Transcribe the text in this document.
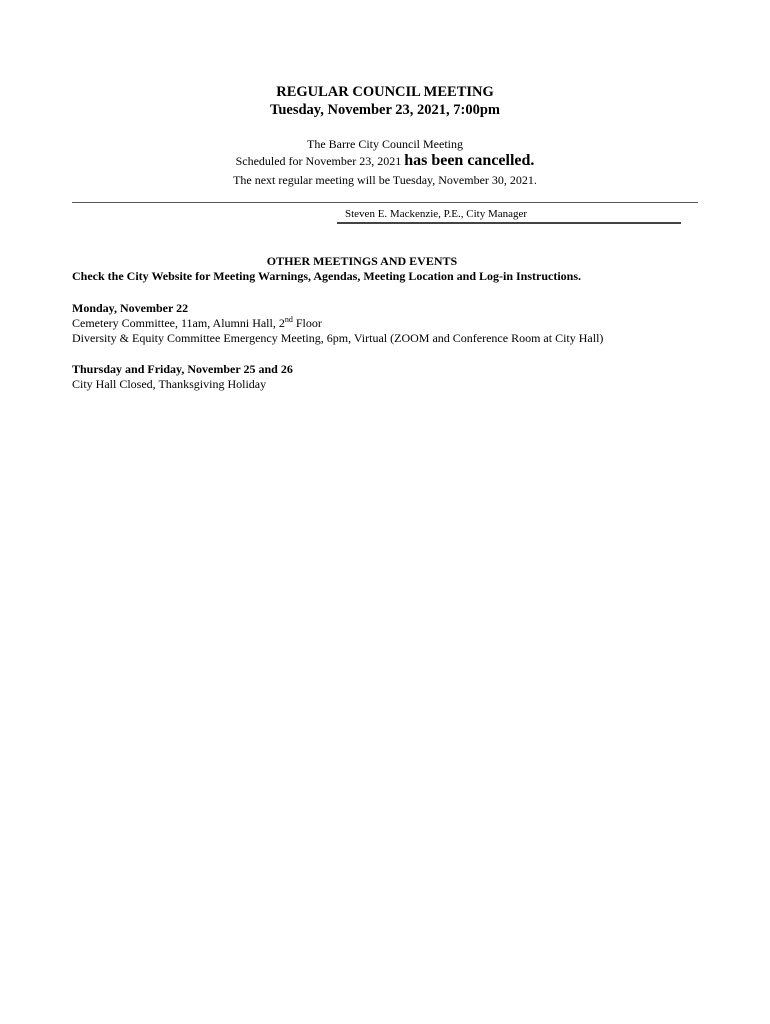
REGULAR COUNCIL MEETING
Tuesday, November 23, 2021, 7:00pm
The Barre City Council Meeting
Scheduled for November 23, 2021 has been cancelled.
The next regular meeting will be Tuesday, November 30, 2021.
Steven E. Mackenzie, P.E., City Manager
OTHER MEETINGS AND EVENTS
Check the City Website for Meeting Warnings, Agendas, Meeting Location and Log-in Instructions.
Monday, November 22
Cemetery Committee, 11am, Alumni Hall, 2nd Floor
Diversity & Equity Committee Emergency Meeting, 6pm, Virtual (ZOOM and Conference Room at City Hall)
Thursday and Friday, November 25 and 26
City Hall Closed, Thanksgiving Holiday
